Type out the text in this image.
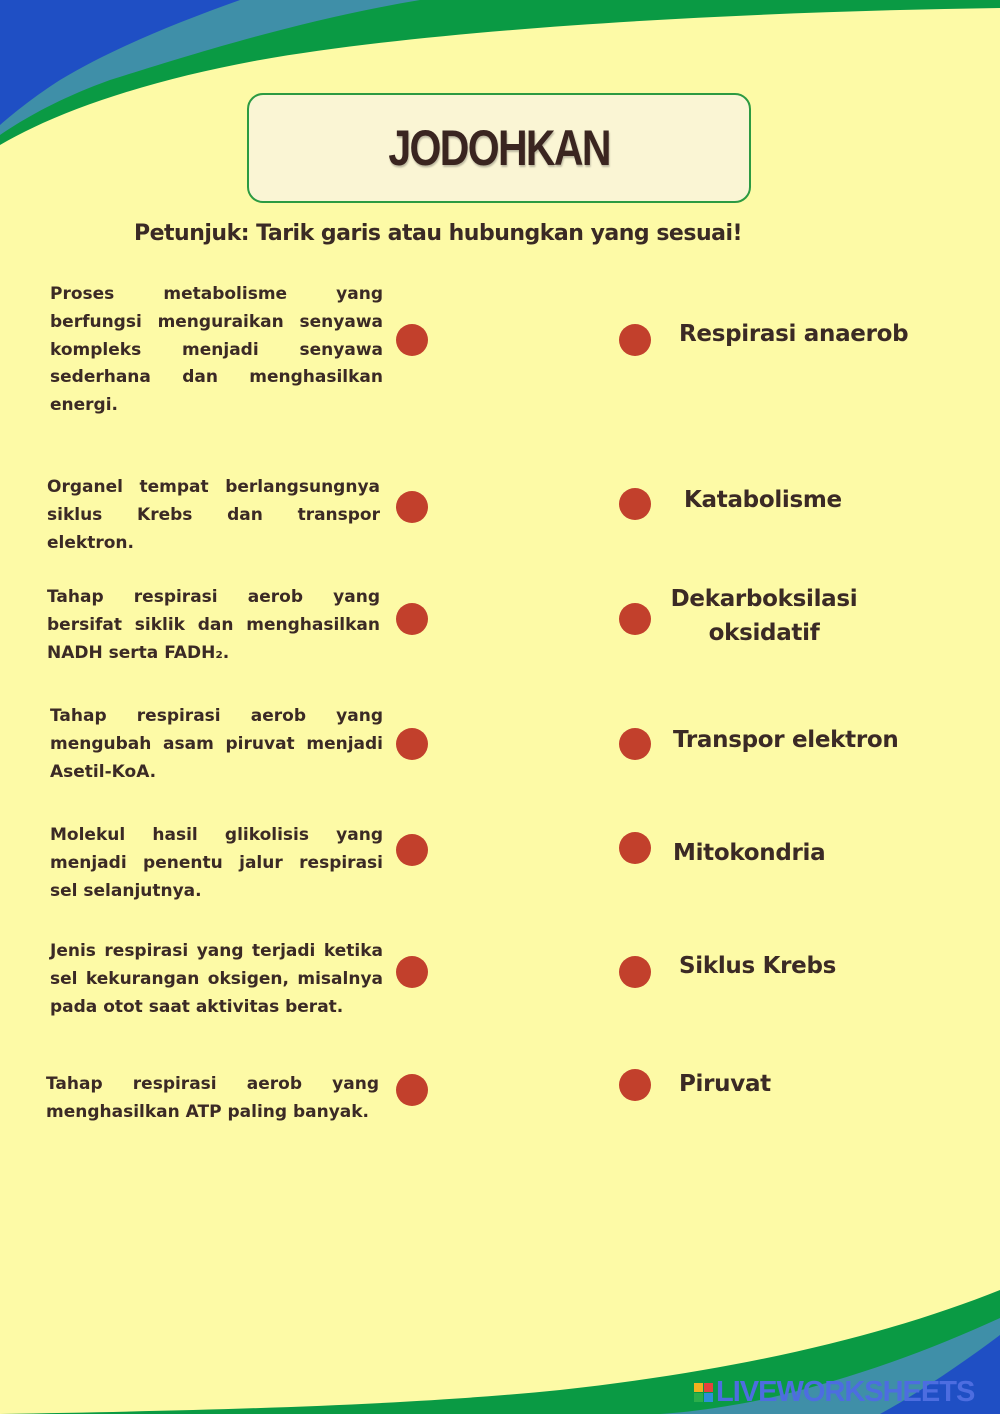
JODOHKAN
Petunjuk: Tarik garis atau hubungkan yang sesuai!
Proses metabolisme yang berfungsi menguraikan senyawa kompleks menjadi senyawa sederhana dan menghasilkan energi.
Organel tempat berlangsungnya siklus Krebs dan transpor elektron.
Tahap respirasi aerob yang bersifat siklik dan menghasilkan NADH serta FADH₂.
Tahap respirasi aerob yang mengubah asam piruvat menjadi Asetil-KoA.
Molekul hasil glikolisis yang menjadi penentu jalur respirasi sel selanjutnya.
Jenis respirasi yang terjadi ketika sel kekurangan oksigen, misalnya pada otot saat aktivitas berat.
Tahap respirasi aerob yang menghasilkan ATP paling banyak.
Respirasi anaerob
Katabolisme
Dekarboksilasi oksidatif
Transpor elektron
Mitokondria
Siklus Krebs
Piruvat
LIVEWORKSHEETS
